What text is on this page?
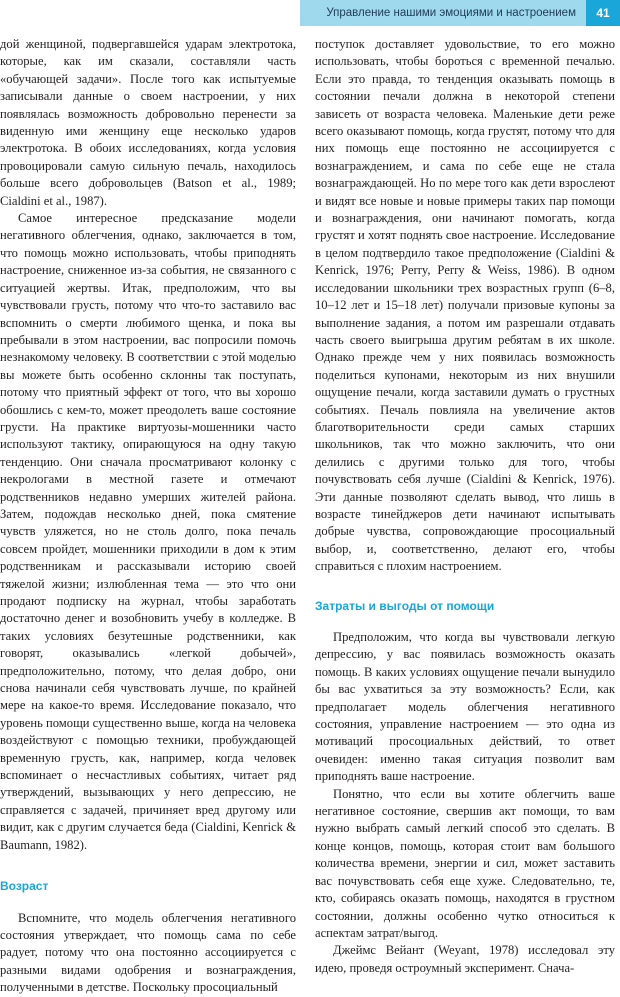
Управление нашими эмоциями и настроением	41

дой женщиной, подвергавшейся ударам электротока, которые, как им сказали, составляли часть «обучающей задачи». После того как испытуемые записывали данные о своем настроении, у них появлялась возможность добровольно перенести за виденную ими женщину еще несколько ударов электротока. В обоих исследованиях, когда условия провоцировали самую сильную печаль, находилось больше всего добровольцев (Batson et al., 1989; Cialdini et al., 1987).

Самое интересное предсказание модели негативного облегчения, однако, заключается в том, что помощь можно использовать, чтобы приподнять настроение, сниженное из-за события, не связанного с ситуацией жертвы. Итак, предположим, что вы чувствовали грусть, потому что что-то заставило вас вспомнить о смерти любимого щенка, и пока вы пребывали в этом настроении, вас попросили помочь незнакомому человеку. В соответствии с этой моделью вы можете быть особенно склонны так поступать, потому что приятный эффект от того, что вы хорошо обошлись с кем-то, может преодолеть ваше состояние грусти. На практике виртуозы-мошенники часто используют тактику, опирающуюся на одну такую тенденцию. Они сначала просматривают колонку с некрологами в местной газете и отмечают родственников недавно умерших жителей района. Затем, подождав несколько дней, пока смятение чувств уляжется, но не столь долго, пока печаль совсем пройдет, мошенники приходили в дом к этим родственникам и рассказывали историю своей тяжелой жизни; излюбленная тема — это что они продают подписку на журнал, чтобы заработать достаточно денег и возобновить учебу в колледже. В таких условиях безутешные родственники, как говорят, оказывались «легкой добычей», предположительно, потому, что делая добро, они снова начинали себя чувствовать лучше, по крайней мере на какое-то время. Исследование показало, что уровень помощи существенно выше, когда на человека воздействуют с помощью техники, пробуждающей временную грусть, как, например, когда человек вспоминает о несчастливых событиях, читает ряд утверждений, вызывающих у него депрессию, не справляется с задачей, причиняет вред другому или видит, как с другим случается беда (Cialdini, Kenrick & Baumann, 1982).

Возраст

Вспомните, что модель облегчения негативного состояния утверждает, что помощь сама по себе радует, потому что она постоянно ассоциируется с разными видами одобрения и вознаграждения, полученными в детстве. Поскольку просоциальный

поступок доставляет удовольствие, то его можно использовать, чтобы бороться с временной печалью. Если это правда, то тенденция оказывать помощь в состоянии печали должна в некоторой степени зависеть от возраста человека. Маленькие дети реже всего оказывают помощь, когда грустят, потому что для них помощь еще постоянно не ассоциируется с вознаграждением, и сама по себе еще не стала вознаграждающей. Но по мере того как дети взрослеют и видят все новые и новые примеры таких пар помощи и вознаграждения, они начинают помогать, когда грустят и хотят поднять свое настроение. Исследование в целом подтвердило такое предположение (Cialdini & Kenrick, 1976; Perry, Perry & Weiss, 1986). В одном исследовании школьники трех возрастных групп (6–8, 10–12 лет и 15–18 лет) получали призовые купоны за выполнение задания, а потом им разрешали отдавать часть своего выигрыша другим ребятам в их школе. Однако прежде чем у них появилась возможность поделиться купонами, некоторым из них внушили ощущение печали, когда заставили думать о грустных событиях. Печаль повлияла на увеличение актов благотворительности среди самых старших школьников, так что можно заключить, что они делились с другими только для того, чтобы почувствовать себя лучше (Cialdini & Kenrick, 1976). Эти данные позволяют сделать вывод, что лишь в возрасте тинейджеров дети начинают испытывать добрые чувства, сопровождающие просоциальный выбор, и, соответственно, делают его, чтобы справиться с плохим настроением.

Затраты и выгоды от помощи

Предположим, что когда вы чувствовали легкую депрессию, у вас появилась возможность оказать помощь. В каких условиях ощущение печали вынудило бы вас ухватиться за эту возможность? Если, как предполагает модель облегчения негативного состояния, управление настроением — это одна из мотиваций просоциальных действий, то ответ очевиден: именно такая ситуация позволит вам приподнять ваше настроение.

Понятно, что если вы хотите облегчить ваше негативное состояние, свершив акт помощи, то вам нужно выбрать самый легкий способ это сделать. В конце концов, помощь, которая стоит вам большого количества времени, энергии и сил, может заставить вас почувствовать себя еще хуже. Следовательно, те, кто, собираясь оказать помощь, находятся в грустном состоянии, должны особенно чутко относиться к аспектам затрат/выгод.

Джеймс Вейант (Weyant, 1978) исследовал эту идею, проведя остроумный эксперимент. Снача-
